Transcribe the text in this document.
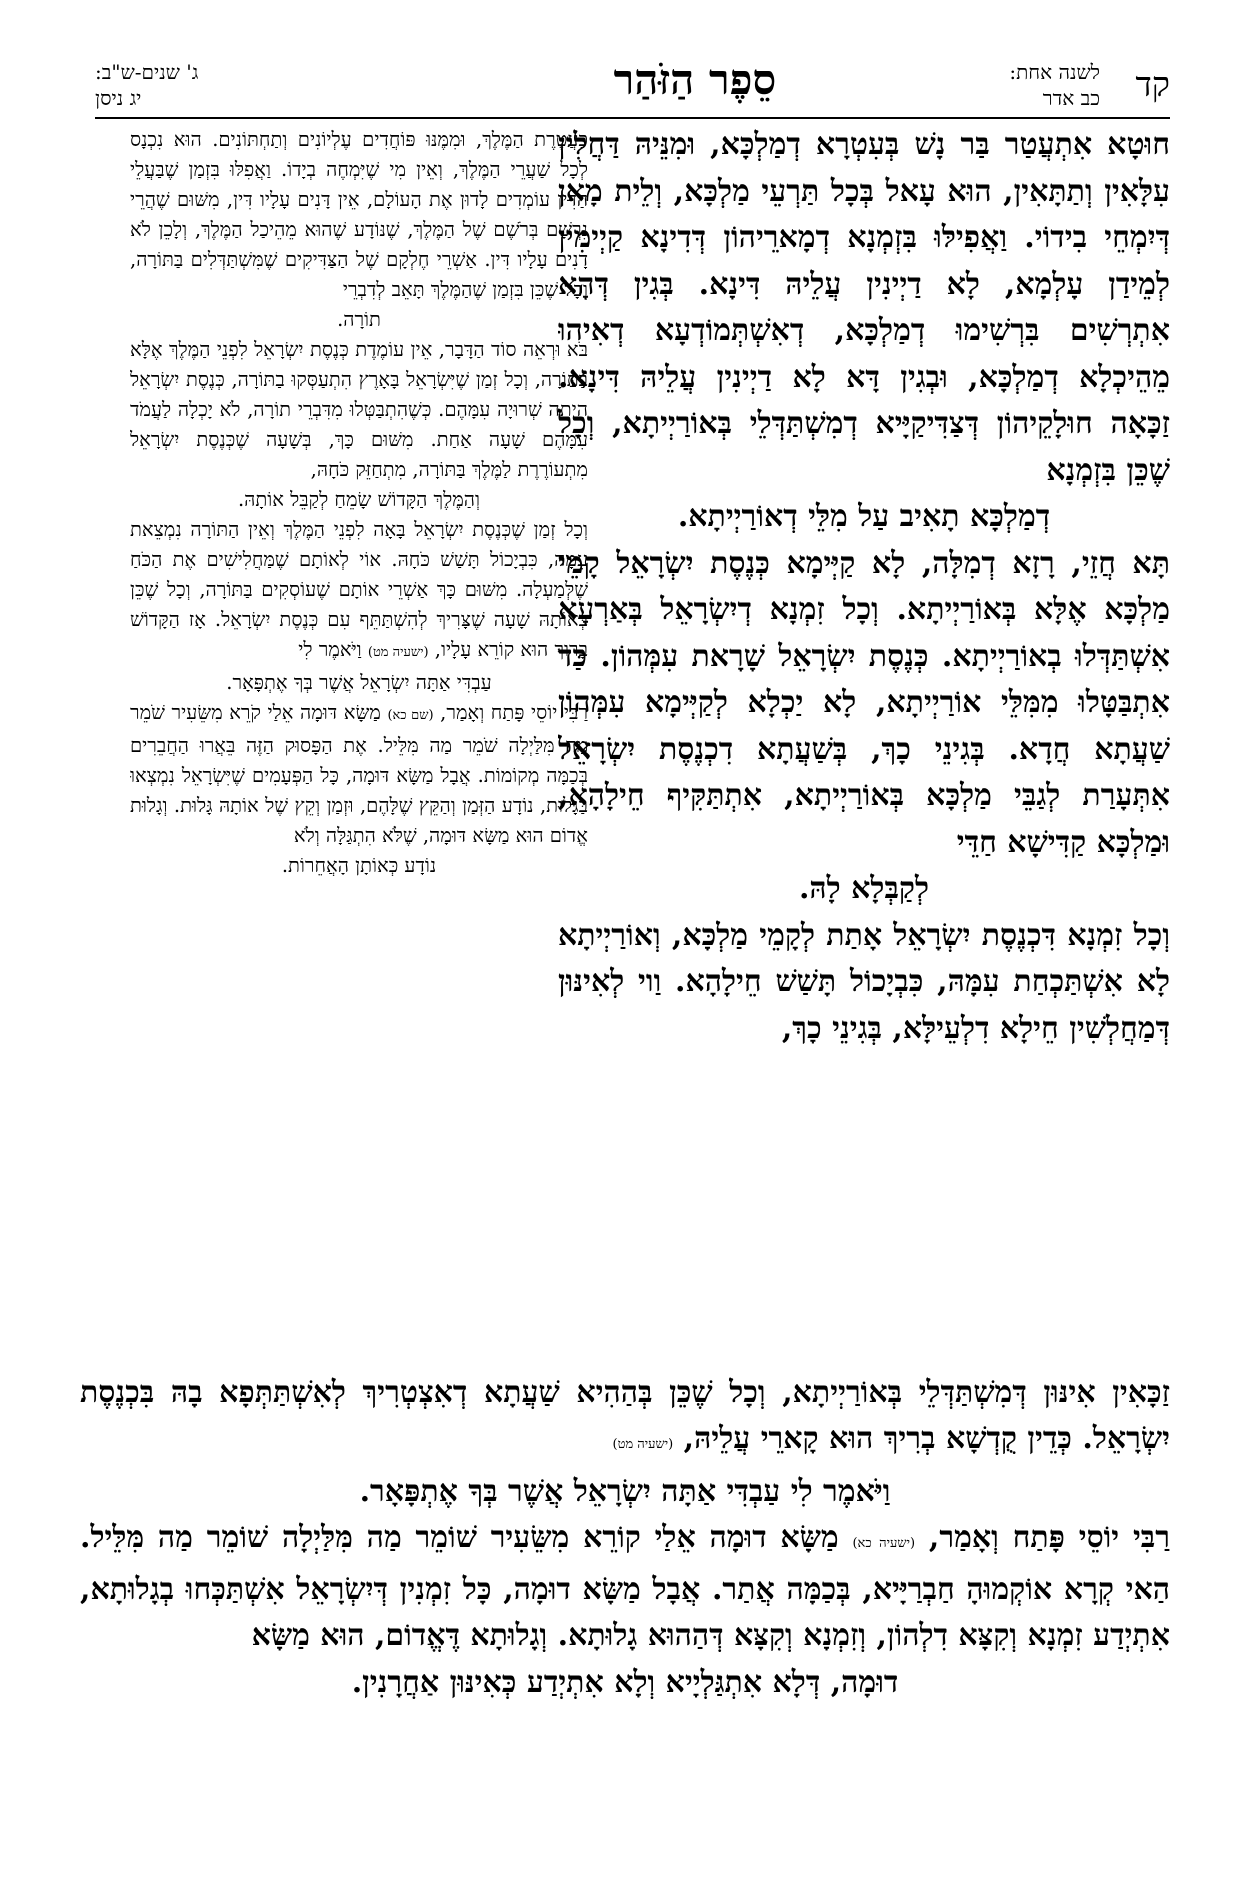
קד
לשנה אחת:
כב אדר
סֵפֶר הַזֹּהַר
ג' שנים-ש"ב:
יג ניסן

חוּטָא אִתְעֲטַר בַּר נָשׁ בְּעִטְרָא דְמַלְכָּא, וּמִנֵּיהּ דַּחֲלִין עִלָּאִין וְתַתָּאִין, הוּא עָאל בְּכָל תַּרְעֵי מַלְכָּא, וְלֵית מָאן דְּיִמְחֵי בִידוֹי. וַאֲפִילּוּ בִּזְמְנָא דְמָארֵיהוֹן דְּדִינָא קַיְימִין לְמֵידַן עָלְמָא, לָא דַיְינִין עֲלֵיהּ דִּינָא. בְּגִין דְּהָא אִתְרְשִׁים בִּרְשִׁימוּ דְמַלְכָּא, דְאִשְׁתְּמוֹדְעָא דְאִיהוּ מֵהֵיכְלָא דְמַלְכָּא, וּבְגִין דָּא לָא דַיְינִין עֲלֵיהּ דִּינָא. זַכָּאָה חוּלָקֵיהוֹן דְּצַדִּיקַיָּיא דְמִשְׁתַּדְּלֵי בְּאוֹרַיְיתָא, וְכָל שֶׁכֵּן בִּזְמְנָא

דְמַלְכָּא תָאִיב עַל מִלֵּי דְאוֹרַיְיתָא.

תָּא חֲזֵי, רָזָא דְמִלָּה, לָא קַיְּימָא כְּנֶסֶת יִשְׂרָאֵל קָמֵי מַלְכָּא אֶלָּא בְּאוֹרַיְיתָא. וְכָל זִמְנָא דְיִשְׂרָאֵל בְּאַרְעָא אִשְׁתַּדְּלוּ בְאוֹרַיְיתָא. כְּנֶסֶת יִשְׂרָאֵל שָׁרָאת עִמְּהוֹן. כַּד אִתְבַּטָּלוּ מִמִּלֵּי אוֹרַיְיתָא, לָא יַכְלָא לְקַיְּימָא עִמְּהוֹן שַׁעֲתָא חֲדָא. בְּגִינֵי כָךְ, בְּשַׁעֲתָא דִכְנֶסֶת יִשְׂרָאֵל אִתְּעָרַת לְגַבֵּי מַלְכָּא בְּאוֹרַיְיתָא, אִתְתַּקִּיף חֵילָהָא, וּמַלְכָּא קַדִּישָׁא חַדֵּי

לְקַבְּלָא לָהּ.

וְכָל זִמְנָא דִּכְנֶסֶת יִשְׂרָאֵל אָתַת לְקָמֵי מַלְכָּא, וְאוֹרַיְיתָא לָא אִשְׁתַּכְחַת עִמָּהּ, כִּבְיָכוֹל תָּשַׁשׁ חֵילָהָא. וַוי לְאִינּוּן דְּמַחֲלְשִׁין חֵילָא דִלְעֵילָּא, בְּגִינֵי כָךְ,

כַּעֲטֶרֶת הַמֶּלֶךְ, וּמִמֶּנּוּ פּוֹחֲדִים עֶלְיוֹנִים וְתַחְתּוֹנִים. הוּא נִכְנָס לְכָל שַׁעֲרֵי הַמֶּלֶךְ, וְאֵין מִי שֶׁיִּמְחֶה בְיָדוֹ. וַאֲפִלּוּ בִּזְמַן שֶׁבַּעֲלֵי הַדִּין עוֹמְדִים לָדוּן אֶת הָעוֹלָם, אֵין דָּנִים עָלָיו דִּין, מִשּׁוּם שֶׁהֲרֵי נִרְשָׁם בְּרֹשֶׁם שֶׁל הַמֶּלֶךְ, שֶׁנּוֹדָע שֶׁהוּא מֵהֵיכַל הַמֶּלֶךְ, וְלָכֵן לֹא דָנִים עָלָיו דִּין. אַשְׁרֵי חֶלְקָם שֶׁל הַצַּדִּיקִים שֶׁמִּשְׁתַּדְּלִים בַּתּוֹרָה, וְכָל שֶׁכֵּן בִּזְמַן שֶׁהַמֶּלֶךְ תָּאֵב לְדִבְרֵי

תוֹרָה.

בֹּא וּרְאֵה סוֹד הַדָּבָר, אֵין עוֹמֶדֶת כְּנֶסֶת יִשְׂרָאֵל לִפְנֵי הַמֶּלֶךְ אֶלָּא בַּתּוֹרָה, וְכָל זְמַן שֶׁיִּשְׂרָאֵל בָּאָרֶץ הִתְעַסְּקוּ בַתּוֹרָה, כְּנֶסֶת יִשְׂרָאֵל הָיְתָה שְׁרוּיָה עִמָּהֶם. כְּשֶׁהִתְבַּטְּלוּ מִדִּבְרֵי תוֹרָה, לֹא יָכְלָה לַעֲמֹד עִמָּהֶם שָׁעָה אַחַת. מִשּׁוּם כָּךְ, בְּשָׁעָה שֶׁכְּנֶסֶת יִשְׂרָאֵל מִתְעוֹרֶרֶת לַמֶּלֶךְ בַּתּוֹרָה, מִתְחַזֵּק כֹּחָהּ,

וְהַמֶּלֶךְ הַקָּדוֹשׁ שָׂמֵחַ לְקַבֵּל אוֹתָהּ.

וְכָל זְמַן שֶׁכְּנֶסֶת יִשְׂרָאֵל בָּאָה לִפְנֵי הַמֶּלֶךְ וְאֵין הַתּוֹרָה נִמְצֵאת עִמָּהּ, כִּבְיָכוֹל תָּשַׁשׁ כֹּחָהּ. אוֹי לְאוֹתָם שֶׁמַּחֲלִישִׁים אֶת הַכֹּחַ שֶׁלְּמַעְלָה. מִשּׁוּם כָּךְ אַשְׁרֵי אוֹתָם שֶׁעוֹסְקִים בַּתּוֹרָה, וְכָל שֶׁכֵּן בְּאוֹתָהּ שָׁעָה שֶׁצָּרִיךְ לְהִשְׁתַּתֵּף עִם כְּנֶסֶת יִשְׂרָאֵל. אָז הַקָּדוֹשׁ בָּרוּךְ הוּא קוֹרֵא עָלָיו, (ישעיה מט) וַיֹּאמֶר לִי

עַבְדִּי אַתָּה יִשְׂרָאֵל אֲשֶׁר בְּךָ אֶתְפָּאָר.

רַבִּי יוֹסֵי פָּתַח וְאָמַר, (שם כא) מַשָּׂא דּוּמָה אֵלַי קֹרֵא מִשֵּׂעִיר שֹׁמֵר מַה מִּלַּיְלָה שֹׁמֵר מַה מִּלֵּיל. אֶת הַפָּסוּק הַזֶּה בֵּאֲרוּ הַחֲבֵרִים בְּכַמָּה מְקוֹמוֹת. אֲבָל מַשָּׂא דּוּמָה, כָּל הַפְּעָמִים שֶׁיִּשְׂרָאֵל נִמְצְאוּ בַּגָּלוּת, נוֹדָע הַזְּמַן וְהַקֵּץ שֶׁלָּהֶם, וּזְמַן וְקֵץ שֶׁל אוֹתָהּ גָּלוּת. וְגָלוּת אֱדוֹם הוּא מַשָּׂא דּוּמָה, שֶׁלֹּא הִתְגַּלָּה וְלֹא

נוֹדָע כְּאוֹתָן הָאֲחֵרוֹת.

זַכָּאִין אִינּוּן דְּמִשְׁתַּדְּלֵי בְּאוֹרַיְיתָא, וְכָל שֶׁכֵּן בְּהַהִיא שַׁעֲתָא דְאִצְטְרִיךְ לְאִשְׁתַּתְּפָא בָהּ בִּכְנֶסֶת יִשְׂרָאֵל. כְּדֵין קֻדְשָׁא בְרִיךְ הוּא קָארֵי עֲלֵיהּ, (ישעיה מט)

וַיֹּאמֶר לִי עַבְדִּי אַתָּה יִשְׂרָאֵל אֲשֶׁר בְּךָ אֶתְפָּאָר.

רַבִּי יוֹסֵי פָּתַח וְאָמַר, (ישעיה כא) מַשָּׂא דוּמָה אֵלַי קוֹרֵא מִשֵּׂעִיר שׁוֹמֵר מַה מִּלַּיְלָה שׁוֹמֵר מַה מִּלֵּיל. הַאי קְרָא אוֹקְמוּהָ חַבְרַיָּיא, בְּכַמָּה אֲתַר. אֲבָל מַשָּׂא דוּמָה, כָּל זִמְנִין דְּיִשְׂרָאֵל אִשְׁתַּכְּחוּ בְגָלוּתָא, אִתְיְדַע זִמְנָא וְקִצָּא דִלְהוֹן, וְזִמְנָא וְקִצָּא דְּהַהוּא גָלוּתָא. וְגָלוּתָא דֶּאֱדוֹם, הוּא מַשָּׂא

דוּמָה, דְּלָא אִתְגַּלְיָיא וְלָא אִתְיְדַע כְּאִינּוּן אַחֲרָנִין.
